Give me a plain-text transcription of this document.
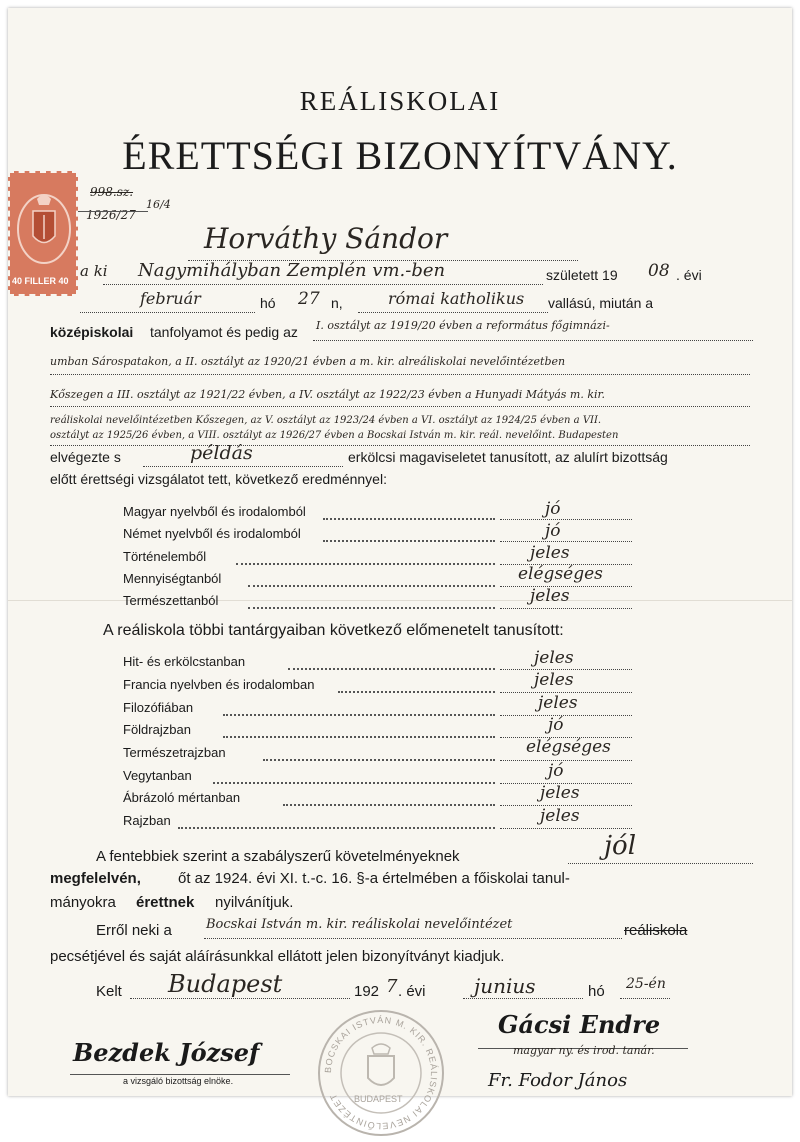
REÁLISKOLAI
ÉRETTSÉGI BIZONYÍTVÁNY.
40 FILLER 40
998.sz.
1926/27
16/4
Horváthy Sándor
a ki Nagymihályban Zemplén vm.-ben	született 19 08 . évi
február	hó 27 n,	római katholikus vallású, miután a
középiskolai tanfolyamot és pedig az I. osztályt az 1919/20 évben a református főgimnázi-
umban Sárospatakon, a II. osztályt az 1920/21 évben a m. kir. alreáliskolai nevelőintézetben
Kőszegen a III. osztályt az 1921/22 évben, a IV. osztályt az 1922/23 évben a Hunyadi Mátyás m. kir.
reáliskolai nevelőintézetben Kőszegen, az V. osztályt az 1923/24 évben a VI. osztályt az 1924/25 évben a VII.
osztályt az 1925/26 évben, a VIII. osztályt az 1926/27 évben a Bocskai István m. kir. reál. nevelőint. Budapesten
elvégezte s	példás	erkölcsi magaviseletet tanusított, az alulírt bizottság
előtt érettségi vizsgálatot tett, következő eredménnyel:
Magyar nyelvből és irodalomból	jó
Német nyelvből és irodalomból	jó
Történelemből	jeles
Mennyiségtanból	elégséges
Természettanból	jeles
A reáliskola többi tantárgyaiban következő előmenetelt tanusított:
Hit- és erkölcstanban	jeles
Francia nyelvben és irodalomban	jeles
Filozófiában	jeles
Földrajzban	jó
Természetrajzban	elégséges
Vegytanban	jó
Ábrázoló mértanban	jeles
Rajzban	jeles
A fentebbiek szerint a szabályszerű követelményeknek	jól
megfelelvén, őt az 1924. évi XI. t.-c. 16. §-a értelmében a főiskolai tanul-
mányokra érettnek nyilvánítjuk.
Erről neki a	Bocskai István m. kir. reáliskolai nevelőintézet	reáliskola
pecsétjével és saját aláírásunkkal ellátott jelen bizonyítványt kiadjuk.
Kelt Budapest	192 7 . évi junius	hó 25-én
BOCSKAI ISTVÁN M. KIR. REÁLISKOLAI NEVELŐINTÉZET	BUDAPEST
Bezdek József
a vizsgáló bizottság elnöke.
Gácsi Endre
magyar ny. és irod. tanár.
Fr. Fodor János
